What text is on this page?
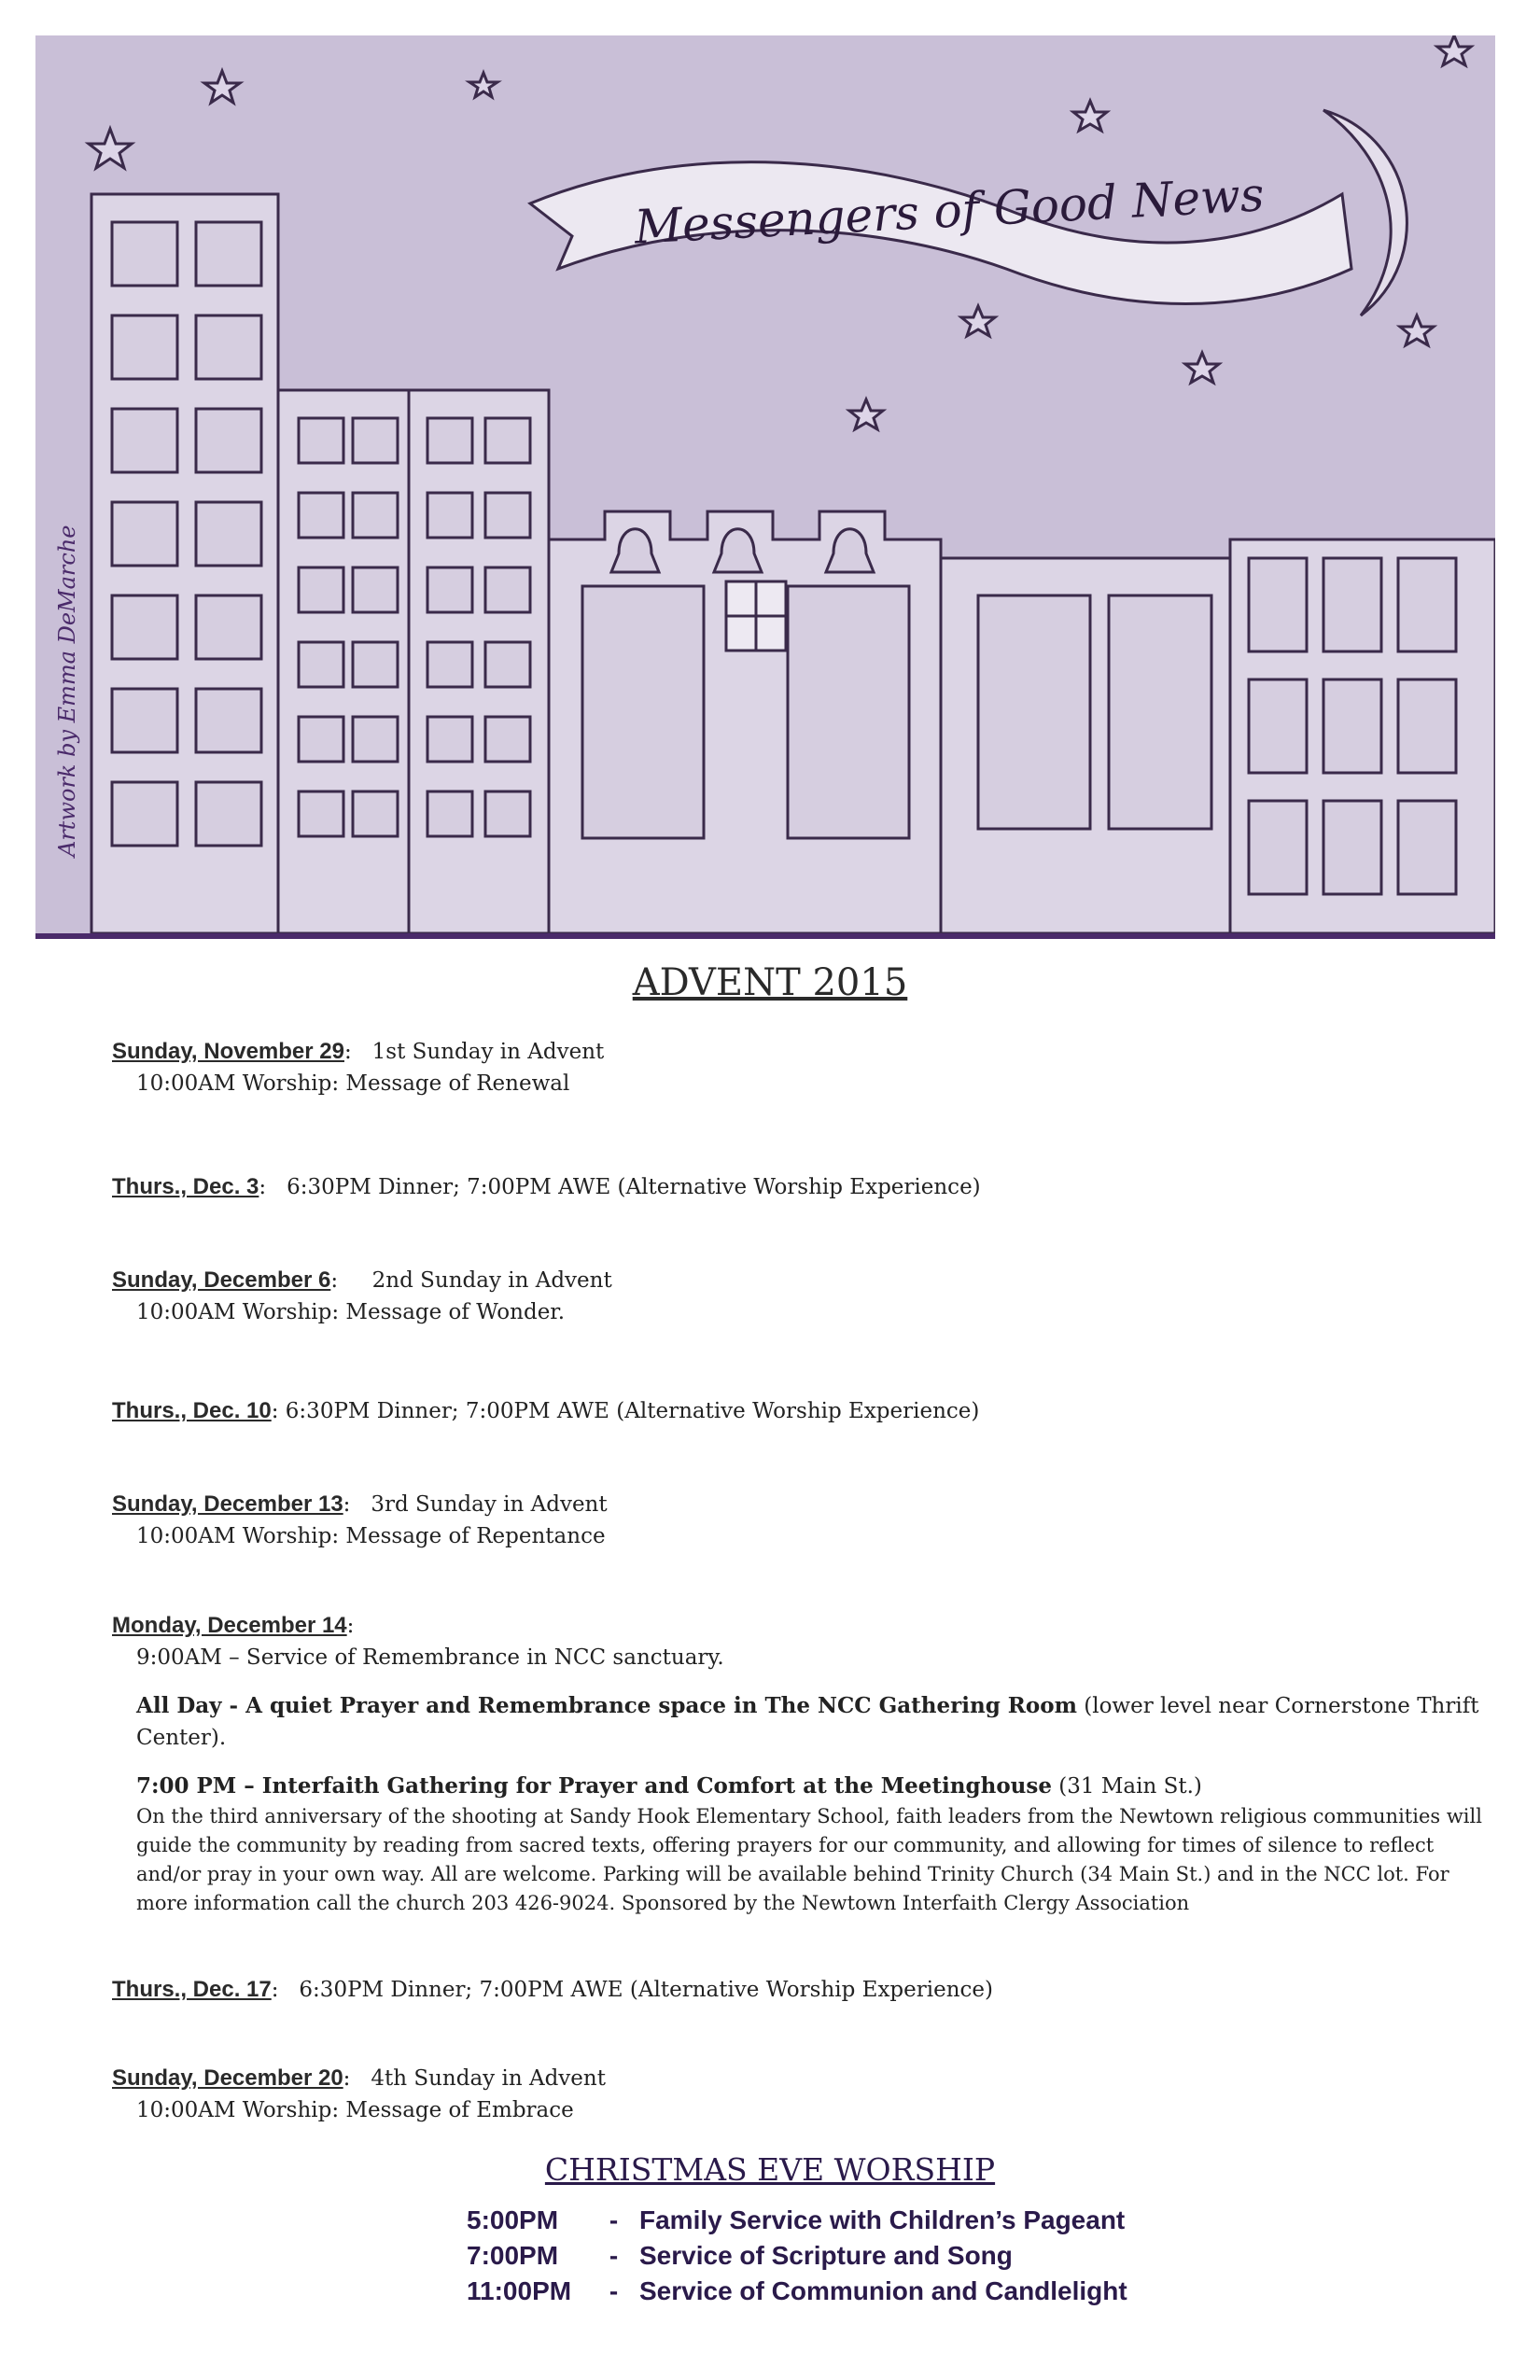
Messengers of Good News
Artwork by Emma DeMarche
ADVENT 2015
Sunday, November 29:   1st Sunday in Advent
10:00AM Worship: Message of Renewal
Thurs., Dec. 3:   6:30PM Dinner; 7:00PM AWE (Alternative Worship Experience)
Sunday, December 6:     2nd Sunday in Advent
10:00AM Worship: Message of Wonder.
Thurs., Dec. 10: 6:30PM Dinner; 7:00PM AWE (Alternative Worship Experience)
Sunday, December 13:   3rd Sunday in Advent
10:00AM Worship: Message of Repentance
Monday, December 14:
9:00AM – Service of Remembrance in NCC sanctuary.
All Day - A quiet Prayer and Remembrance space in The NCC Gathering Room (lower level near Cornerstone Thrift Center).
7:00 PM – Interfaith Gathering for Prayer and Comfort at the Meetinghouse (31 Main St.)
On the third anniversary of the shooting at Sandy Hook Elementary School, faith leaders from the Newtown religious communities will guide the community by reading from sacred texts, offering prayers for our community, and allowing for times of silence to reflect and/or pray in your own way. All are welcome. Parking will be available behind Trinity Church (34 Main St.) and in the NCC lot. For more information call the church 203 426-9024. Sponsored by the Newtown Interfaith Clergy Association
Thurs., Dec. 17:   6:30PM Dinner; 7:00PM AWE (Alternative Worship Experience)
Sunday, December 20:   4th Sunday in Advent
10:00AM Worship: Message of Embrace
CHRISTMAS EVE WORSHIP
5:00PM - Family Service with Children’s Pageant
7:00PM - Service of Scripture and Song
11:00PM - Service of Communion and Candlelight
